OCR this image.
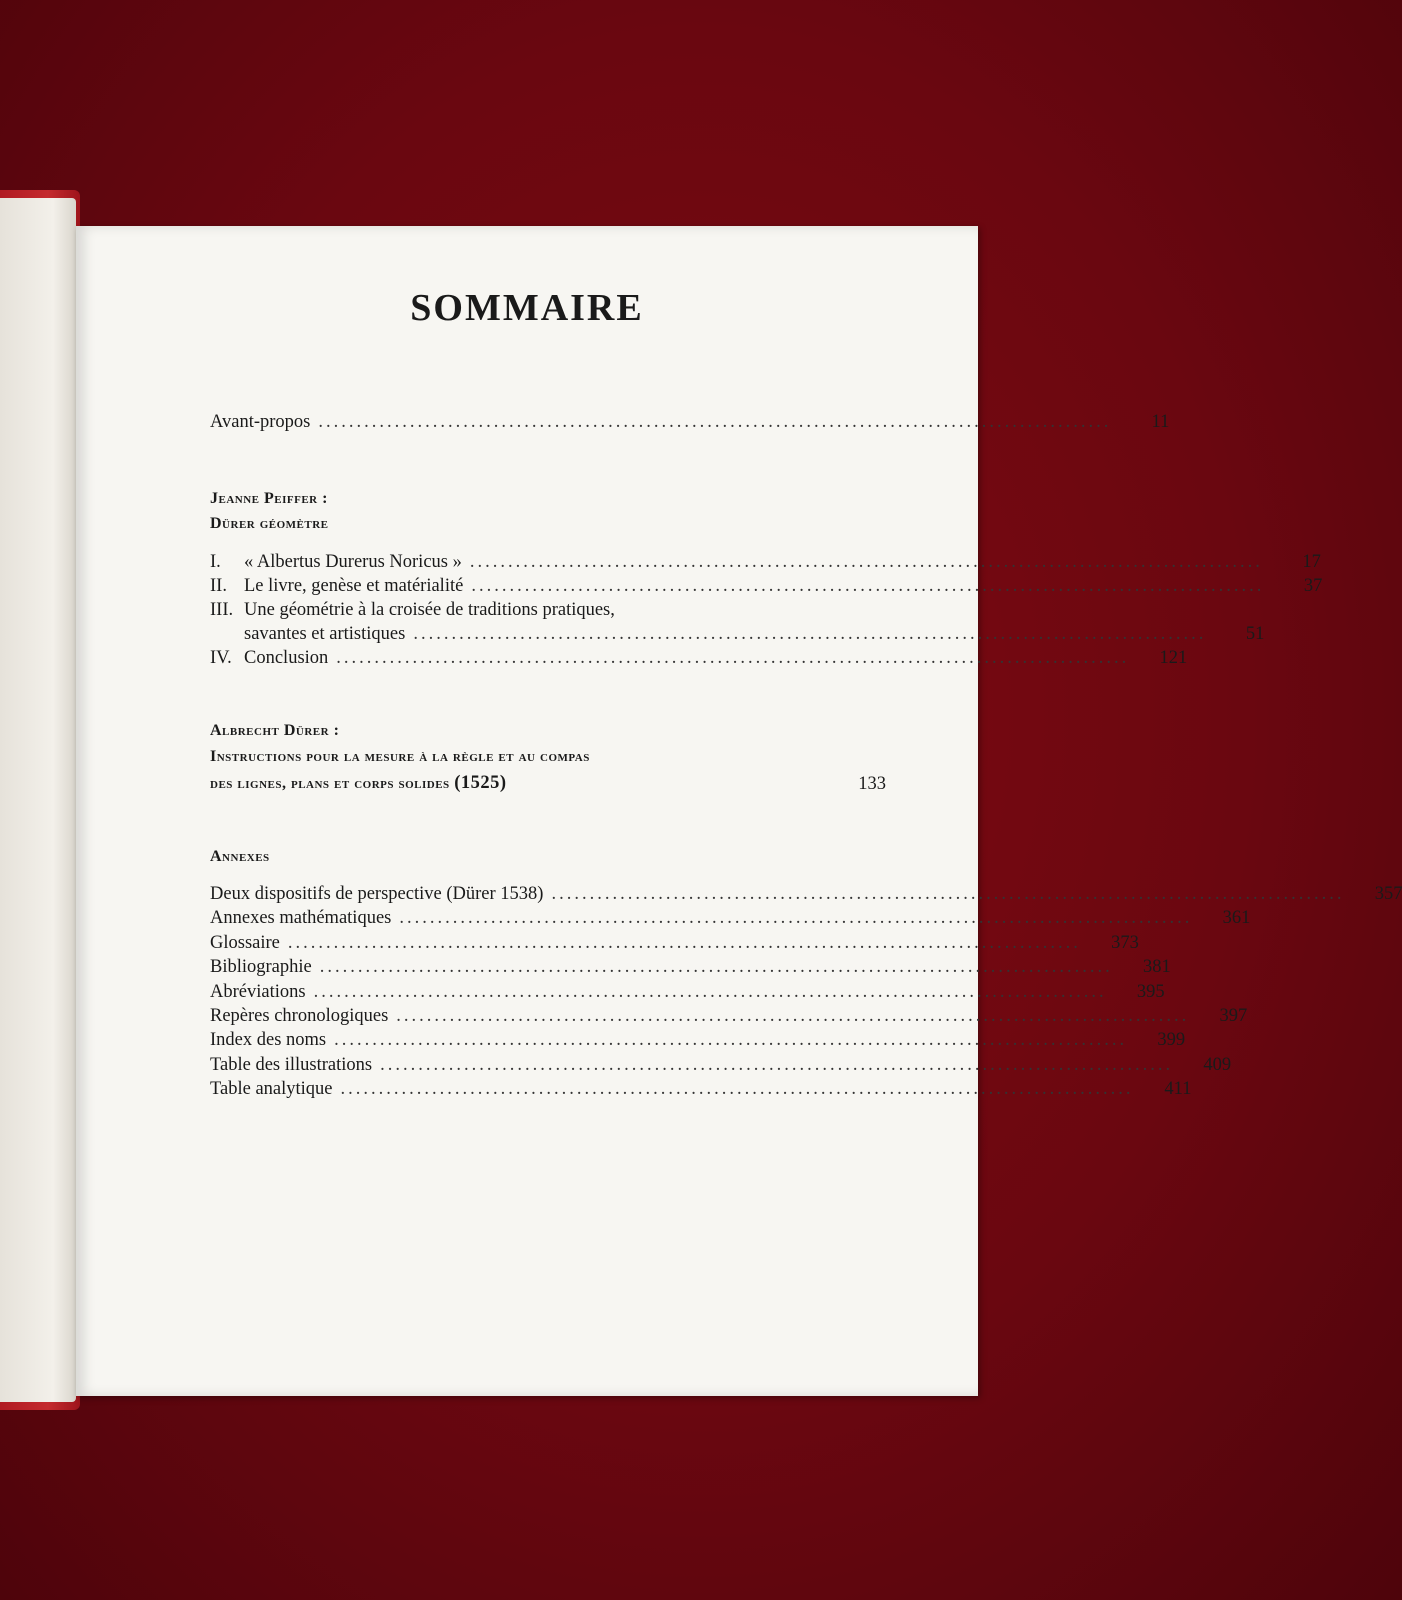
SOMMAIRE
Avant-propos ........................................................................................................	11
Jeanne Peiffer :
Dürer géomètre
I.	« Albertus Durerus Noricus » ........................................................................................................	17
II. Le livre, genèse et matérialité ........................................................................................................	37
III. Une géométrie à la croisée de traditions pratiques,
savantes et artistiques ........................................................................................................	51
IV. Conclusion ........................................................................................................	121
Albrecht Dürer :
Instructions pour la mesure à la règle et au compas
des lignes, plans et corps solides (1525)	133
Annexes
Deux dispositifs de perspective (Dürer 1538) ........................................................................................................	357
Annexes mathématiques ........................................................................................................	361
Glossaire ........................................................................................................	373
Bibliographie ........................................................................................................	381
Abréviations ........................................................................................................	395
Repères chronologiques ........................................................................................................	397
Index des noms ........................................................................................................	399
Table des illustrations ........................................................................................................	409
Table analytique ........................................................................................................	411
